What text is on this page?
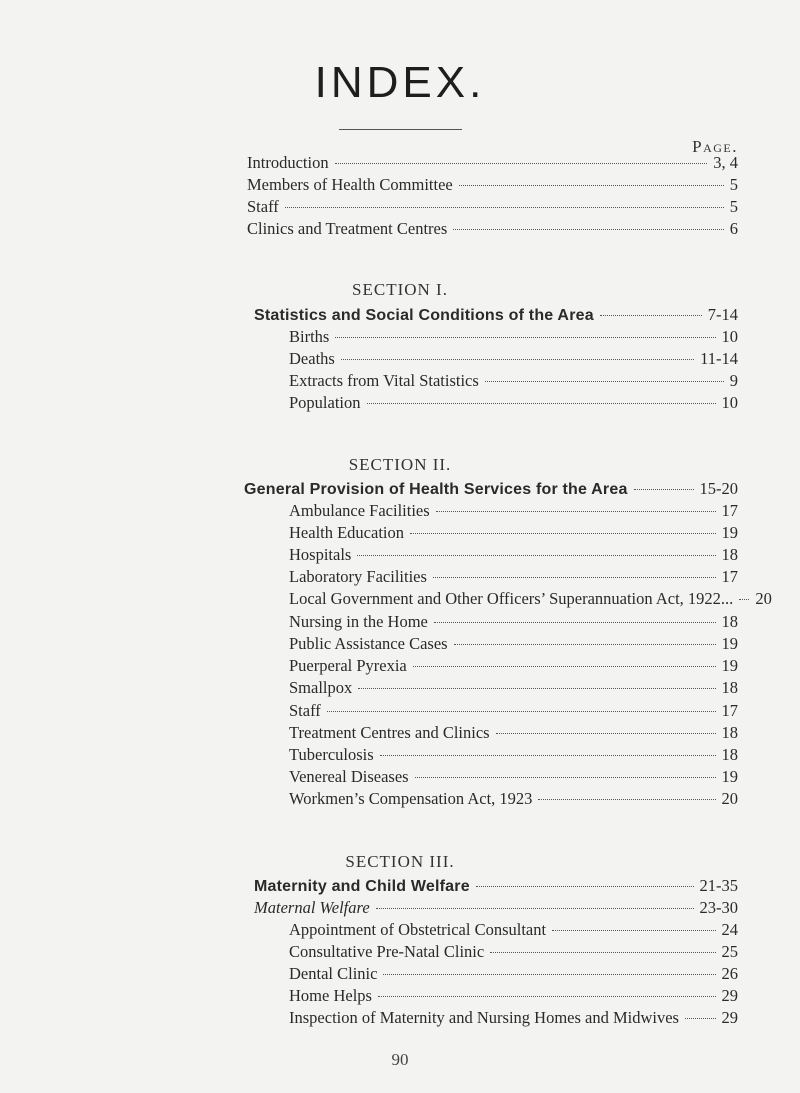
INDEX.
Page.
Introduction	3, 4
Members of Health Committee	5
Staff	5
Clinics and Treatment Centres	6
SECTION I.
Statistics and Social Conditions of the Area	7-14
Births	10
Deaths	11-14
Extracts from Vital Statistics	9
Population	10
SECTION II.
General Provision of Health Services for the Area	15-20
Ambulance Facilities	17
Health Education	19
Hospitals	18
Laboratory Facilities	17
Local Government and Other Officers’ Superannuation Act, 1922... 20
Nursing in the Home	18
Public Assistance Cases	19
Puerperal Pyrexia	19
Smallpox	18
Staff	17
Treatment Centres and Clinics	18
Tuberculosis	18
Venereal Diseases	19
Workmen’s Compensation Act, 1923	20
SECTION III.
Maternity and Child Welfare	21-35
Maternal Welfare	23-30
Appointment of Obstetrical Consultant	24
Consultative Pre-Natal Clinic	25
Dental Clinic	26
Home Helps	29
Inspection of Maternity and Nursing Homes and Midwives	29
90
